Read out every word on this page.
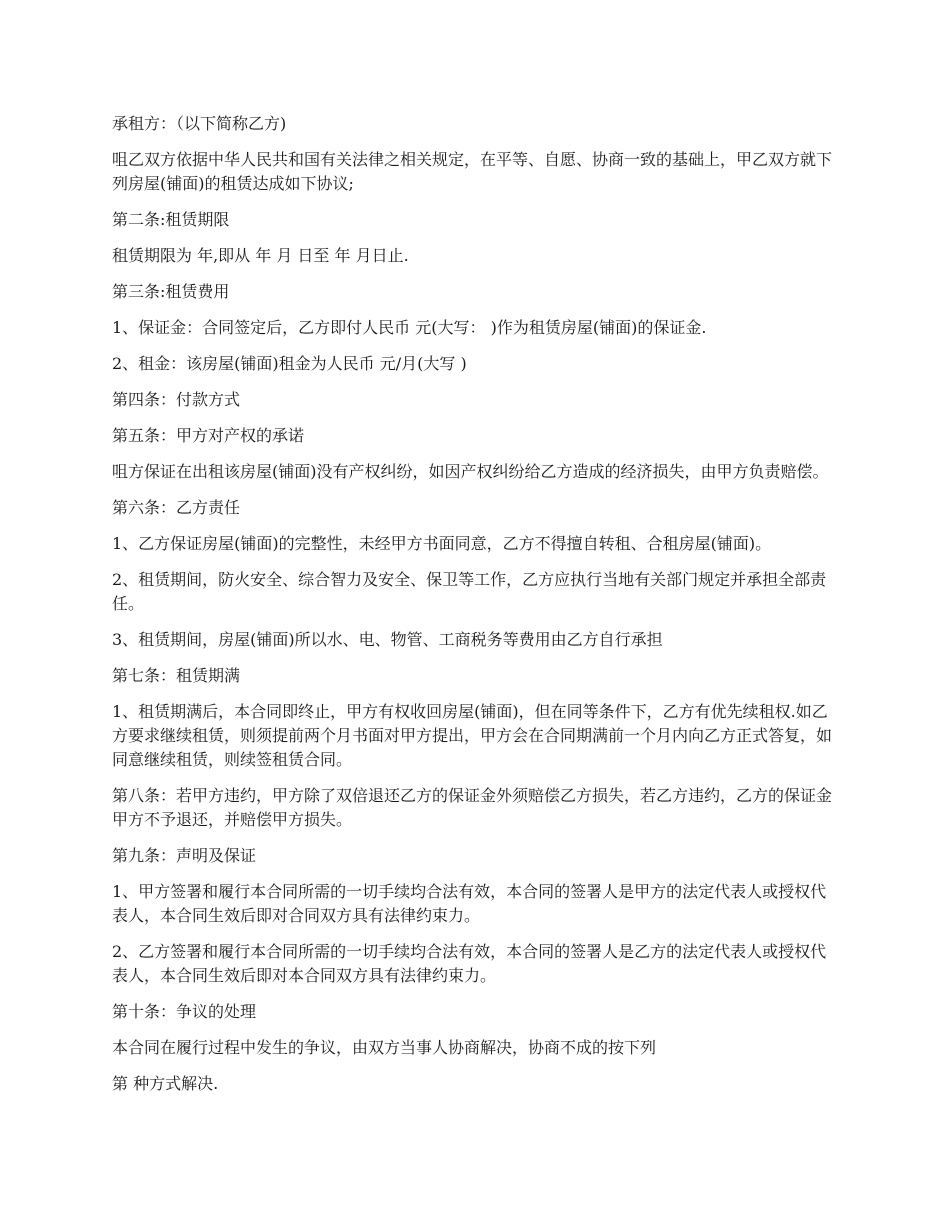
承租方：（以下简称乙方)

咀乙双方依据中华人民共和国有关法律之相关规定，在平等、自愿、协商一致的基础上，甲乙双方就下列房屋(铺面)的租赁达成如下协议;

第二条:租赁期限

租赁期限为 年,即从 年 月 日至 年 月日止.

第三条:租赁费用

1、保证金：合同签定后，乙方即付人民币 元(大写： )作为租赁房屋(铺面)的保证金.

2、租金：该房屋(铺面)租金为人民币 元/月(大写 )

第四条：付款方式

第五条：甲方对产权的承诺

咀方保证在出租该房屋(铺面)没有产权纠纷，如因产权纠纷给乙方造成的经济损失，由甲方负责赔偿。

第六条：乙方责任

1、乙方保证房屋(铺面)的完整性，未经甲方书面同意，乙方不得擅自转租、合租房屋(铺面)。

2、租赁期间，防火安全、综合智力及安全、保卫等工作，乙方应执行当地有关部门规定并承担全部责任。

3、租赁期间，房屋(铺面)所以水、电、物管、工商税务等费用由乙方自行承担

第七条：租赁期满

1、租赁期满后，本合同即终止，甲方有权收回房屋(铺面)，但在同等条件下，乙方有优先续租权.如乙方要求继续租赁，则须提前两个月书面对甲方提出，甲方会在合同期满前一个月内向乙方正式答复，如同意继续租赁，则续签租赁合同。

第八条：若甲方违约，甲方除了双倍退还乙方的保证金外须赔偿乙方损失，若乙方违约，乙方的保证金甲方不予退还，并赔偿甲方损失。

第九条：声明及保证

1、甲方签署和履行本合同所需的一切手续均合法有效，本合同的签署人是甲方的法定代表人或授权代表人，本合同生效后即对合同双方具有法律约束力。

2、乙方签署和履行本合同所需的一切手续均合法有效，本合同的签署人是乙方的法定代表人或授权代表人，本合同生效后即对本合同双方具有法律约束力。

第十条：争议的处理

本合同在履行过程中发生的争议，由双方当事人协商解决，协商不成的按下列

第 种方式解决.
